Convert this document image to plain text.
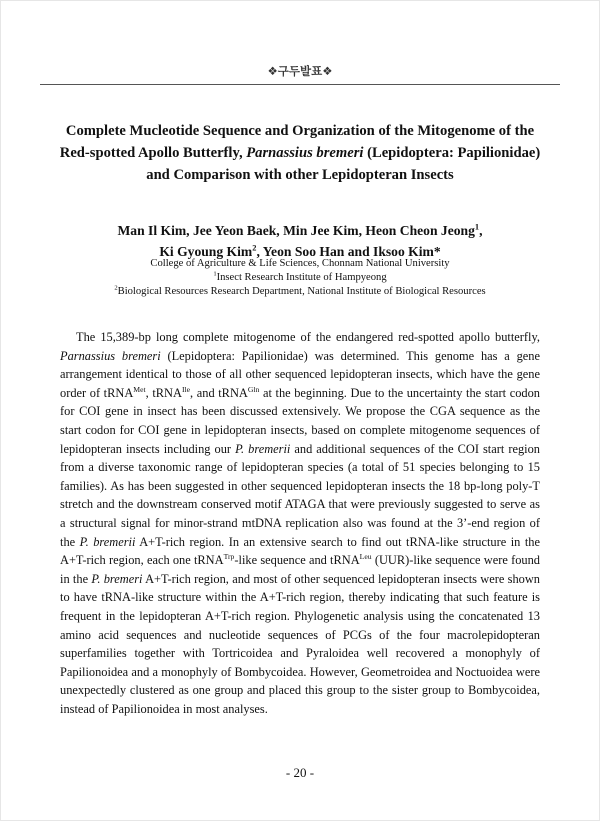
❖구두발표❖
Complete Mucleotide Sequence and Organization of the Mitogenome of the Red-spotted Apollo Butterfly, Parnassius bremeri (Lepidoptera: Papilionidae) and Comparison with other Lepidopteran Insects
Man Il Kim, Jee Yeon Baek, Min Jee Kim, Heon Cheon Jeong$^1$,
Ki Gyoung Kim$^2$, Yeon Soo Han and Iksoo Kim*
College of Agriculture & Life Sciences, Chonnam National University
$^1$Insect Research Institute of Hampyeong
$^2$Biological Resources Research Department, National Institute of Biological Resources

The 15,389-bp long complete mitogenome of the endangered red-spotted apollo butterfly, Parnassius bremeri (Lepidoptera: Papilionidae) was determined. This genome has a gene arrangement identical to those of all other sequenced lepidopteran insects, which have the gene order of tRNA$^{Met}$, tRNA$^{Ile}$, and tRNA$^{Gln}$ at the beginning. Due to the uncertainty the start codon for COI gene in insect has been discussed extensively. We propose the CGA sequence as the start codon for COI gene in lepidopteran insects, based on complete mitogenome sequences of lepidopteran insects including our P. bremerii and additional sequences of the COI start region from a diverse taxonomic range of lepidopteran species (a total of 51 species belonging to 15 families). As has been suggested in other sequenced lepidopteran insects the 18 bp-long poly-T stretch and the downstream conserved motif ATAGA that were previously suggested to serve as a structural signal for minor-strand mtDNA replication also was found at the 3’-end region of the P. bremerii A+T-rich region. In an extensive search to find out tRNA-like structure in the A+T-rich region, each one tRNA$^{Trp}$-like sequence and tRNA$^{Leu}$ (UUR)-like sequence were found in the P. bremeri A+T-rich region, and most of other sequenced lepidopteran insects were shown to have tRNA-like structure within the A+T-rich region, thereby indicating that such feature is frequent in the lepidopteran A+T-rich region. Phylogenetic analysis using the concatenated 13 amino acid sequences and nucleotide sequences of PCGs of the four macrolepidopteran superfamilies together with Tortricoidea and Pyraloidea well recovered a monophyly of Papilionoidea and a monophyly of Bombycoidea. However, Geometroidea and Noctuoidea were unexpectedly clustered as one group and placed this group to the sister group to Bombycoidea, instead of Papilionoidea in most analyses.

- 20 -
